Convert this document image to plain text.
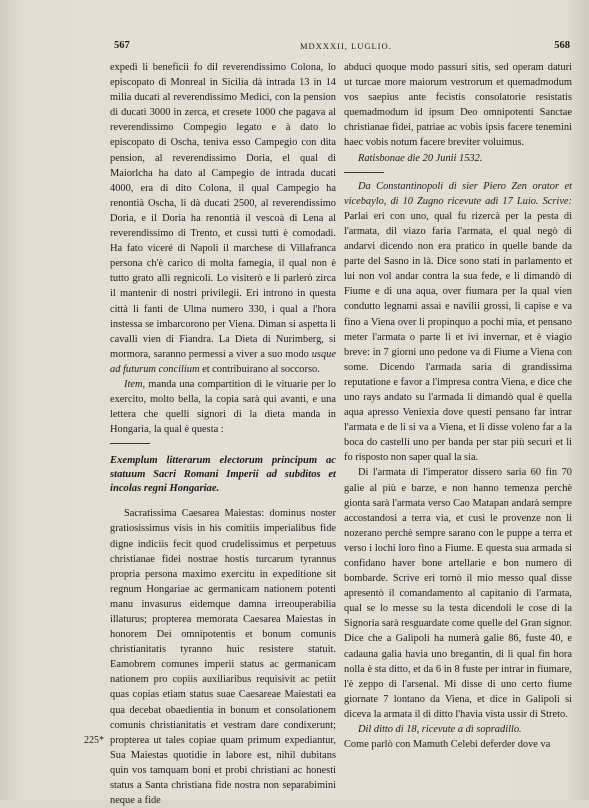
567	MDXXXII, LUGLIO.	568

expedì li beneficii fo dil reverendissimo Colona, lo episcopato di Monreal in Sicilia dà intrada 13 in 14 milia ducati al reverendissimo Medici, con la pension di ducati 3000 in zerca, et cresete 1000 che pagava al reverendissimo Compegio legato e à dato lo episcopato di Oscha, teniva esso Campegio con dita pension, al reverendissimo Doria, el qual di Maiorlcha ha dato al Campegio de intrada ducati 4000, era di dito Colona, il qual Campegio ha renontià Oscha, li dà ducati 2500, al reverendissimo Doria, e il Doria ha renontià il vescoà di Lena al reverendissimo di Trento, et cussì tutti è comodadi. Ha fato viceré di Napoli il marchese di Villafranca persona ch'è carico di molta famegia, il qual non è tutto grato alli regnicoli. Lo visiterò e li parlerò zirca il mantenir di nostri privilegii. Eri introno in questa città li fanti de Ulma numero 330, i qual a l'hora instessa se imbarcorono per Viena. Diman si aspetta li cavalli vien di Fiandra. La Dieta di Nurimberg, si mormora, saranno permessi a viver a suo modo usque ad futurum concilium et contribuirano al soccorso.

Item, manda una compartition di le vituarie per lo exercito, molto bella, la copia sarà qui avanti, e una lettera che quelli signori di la dieta manda in Hongaria, la qual è questa :

Exemplum litterarum electorum principum ac statuum Sacri Romani Imperii ad subditos et incolas regni Hongariae.

Sacratissima Caesarea Maiestas: dominus noster gratiosissimus visis in his comitiis imperialibus fide digne indiciis fecit quod crudelissimus et perpetuus christianae fidei nostrae hostis turcarum tyrannus propria persona maximo exercitu in expeditione sit regnum Hongariae ac germanicam nationem potenti manu invasurus eidemque damna irreouperabilia illaturus; propterea memorata Caesarea Maiestas in honorem Dei omnipotentis et bonum comunis christianitatis tyranno huic resistere statuit. Eamobrem comunes imperii status ac germanicam nationem pro copiis auxiliaribus requisivit ac petiit quas copias etiam status suae Caesareae Maiestati ea qua decebat obaedientia in bonum et consolationem comunis christianitatis et vestram dare condixerunt; propterea ut tales copiae quam primum expediantur, Sua Maiestas quotidie in labore est, nihil dubitans quin vos tamquam boni et probi christiani ac honesti status a Santa christiana fide nostra non separabimini neque a fide

abduci quoque modo passuri sitis, sed operam daturi ut turcae more maiorum vestrorum et quemadmodum vos saepius ante fecistis consolatorie resistatis quemadmodum id ipsum Deo omnipotenti Sanctae christianae fidei, patriae ac vobis ipsis facere tenemini haec vobis notum facere breviter voluimus.

Ratisbonae die 20 Junii 1532.

Da Constantinopoli di sier Piero Zen orator et vicebaylo, di 10 Zugno ricevute adì 17 Luio. Scrive: Parlai eri con uno, qual fu rizercà per la pesta di l'armata, dil viazo faria l'armata, el qual negò di andarvi dicendo non era pratico in quelle bande da parte del Sasno in là. Dice sono stati in parlamento et lui non vol andar contra la sua fede, e li dimandò di Fiume e di una aqua, over fiumara per la qual vien condutto legnami assai e navilii grossi, li capise e va fino a Viena over li propinquo a pochi mia, et pensano meter l'armata o parte li et ivi invernar, et è viagio breve: in 7 giorni uno pedone va di Fiume a Viena con some. Dicendo l'armada saria di grandissima reputatione e favor a l'impresa contra Viena, e dice che uno rays andato su l'armada li dimandò qual è quella aqua apresso Veniexia dove questi pensano far intrar l'armata e de li si va a Viena, et li disse voleno far a la boca do castelli uno per banda per star più securi et li fo risposto non saper qual la sia.

Di l'armata di l'imperator dissero saria 60 fin 70 galie al più e barze, e non hanno temenza perchè gionta sarà l'armata verso Cao Matapan andarà sempre accostandosi a terra via, et cusì le provenze non li nozerano perchè sempre sarano con le puppe a terra et verso i lochi loro fino a Fiume. E questa sua armada si confidano haver bone artellarie e bon numero di bombarde. Scrive eri tornò il mio messo qual disse apresentò il comandamento al capitanio di l'armata, qual se lo messe su la testa dicendoli le cose di la Signoria sarà resguardate come quelle del Gran signor. Dice che a Galipoli ha numerà galie 86, fuste 40, e cadauna galia havia uno bregantin, di li qual fin hora nolla è sta ditto, et da 6 in 8 fuste per intrar in fiumare, l'è zeppo di l'arsenal. Mi disse di uno certo fiume giornate 7 lontano da Viena, et dice in Galipoli si diceva la armata il di ditto l'havia vista ussir di Streto.

Dil ditto di 18, ricevute a dì sopradillo.

Come parlò con Mamuth Celebi deferder dove va

225*
